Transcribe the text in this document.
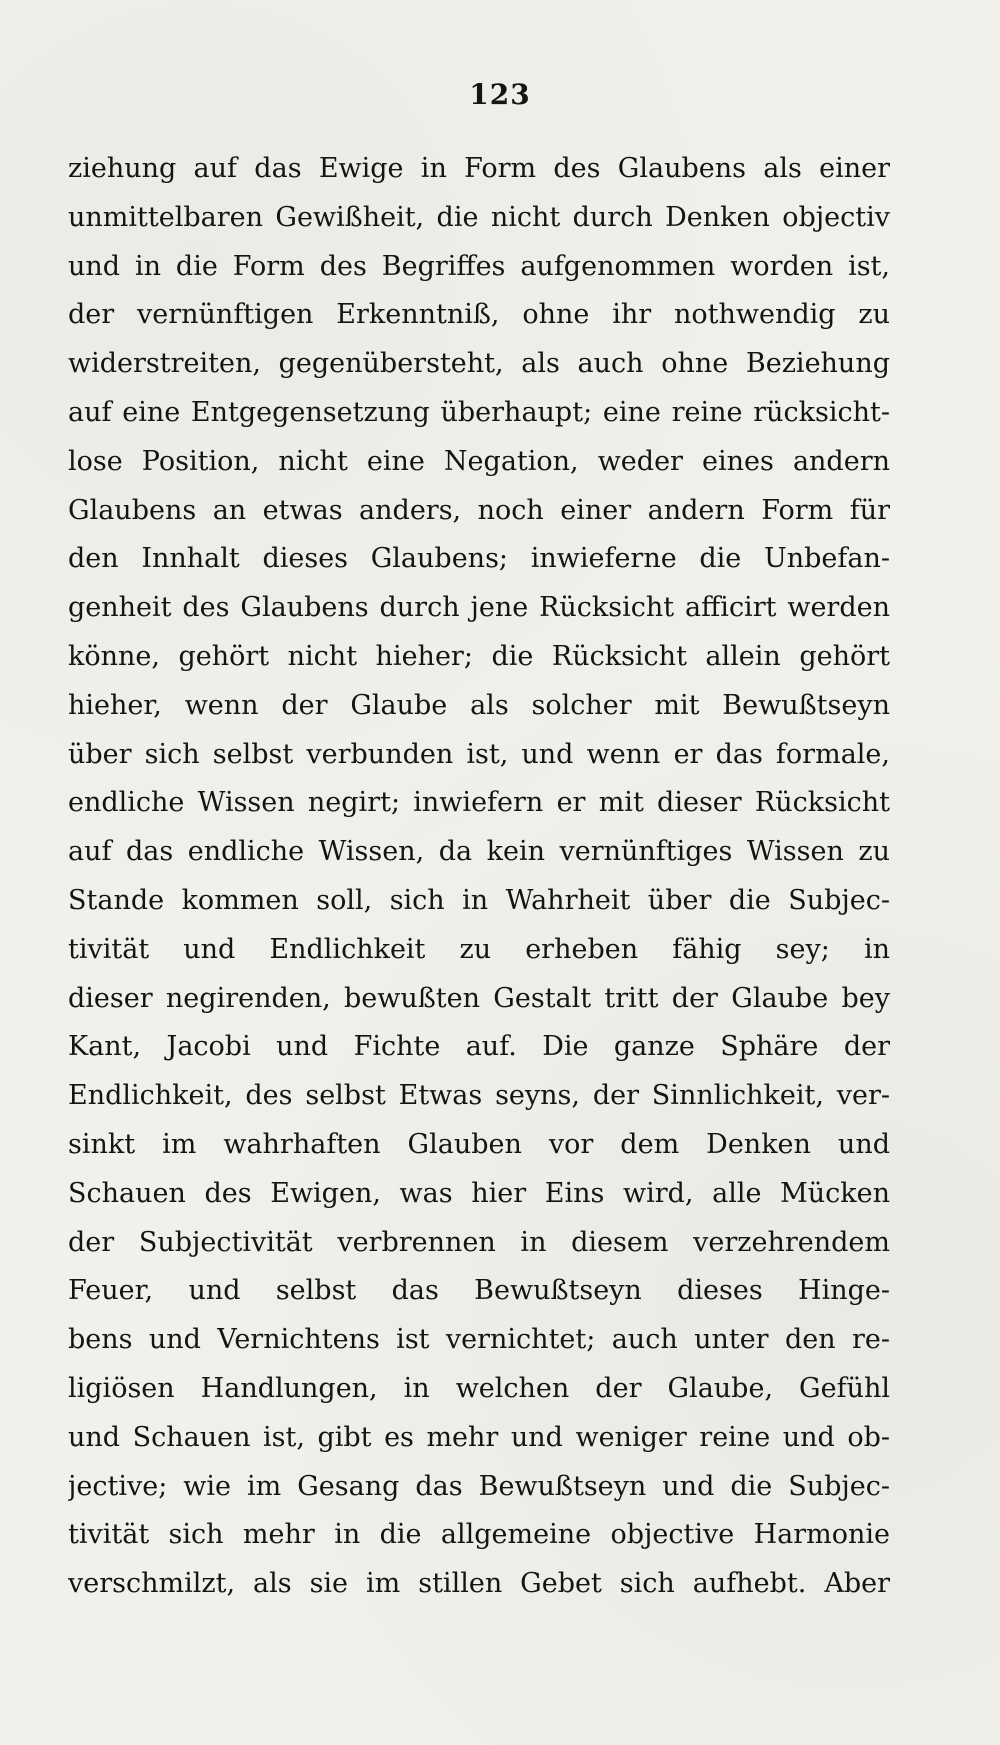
123
ziehung auf das Ewige in Form des Glaubens als einer
unmittelbaren Gewißheit, die nicht durch Denken objectiv
und in die Form des Begriffes aufgenommen worden ist,
der vernünftigen Erkenntniß, ohne ihr nothwendig zu
widerstreiten, gegenübersteht, als auch ohne Beziehung
auf eine Entgegensetzung überhaupt; eine reine rücksicht-
lose Position, nicht eine Negation, weder eines andern
Glaubens an etwas anders, noch einer andern Form für
den Innhalt dieses Glaubens; inwieferne die Unbefan-
genheit des Glaubens durch jene Rücksicht afficirt werden
könne, gehört nicht hieher; die Rücksicht allein gehört
hieher, wenn der Glaube als solcher mit Bewußtseyn
über sich selbst verbunden ist, und wenn er das formale,
endliche Wissen negirt; inwiefern er mit dieser Rücksicht
auf das endliche Wissen, da kein vernünftiges Wissen zu
Stande kommen soll, sich in Wahrheit über die Subjec-
tivität und Endlichkeit zu erheben fähig sey; in
dieser negirenden, bewußten Gestalt tritt der Glaube bey
Kant, Jacobi und Fichte auf. Die ganze Sphäre der
Endlichkeit, des selbst Etwas seyns, der Sinnlichkeit, ver-
sinkt im wahrhaften Glauben vor dem Denken und
Schauen des Ewigen, was hier Eins wird, alle Mücken
der Subjectivität verbrennen in diesem verzehrendem
Feuer, und selbst das Bewußtseyn dieses Hinge-
bens und Vernichtens ist vernichtet; auch unter den re-
ligiösen Handlungen, in welchen der Glaube, Gefühl
und Schauen ist, gibt es mehr und weniger reine und ob-
jective; wie im Gesang das Bewußtseyn und die Subjec-
tivität sich mehr in die allgemeine objective Harmonie
verschmilzt, als sie im stillen Gebet sich aufhebt. Aber
